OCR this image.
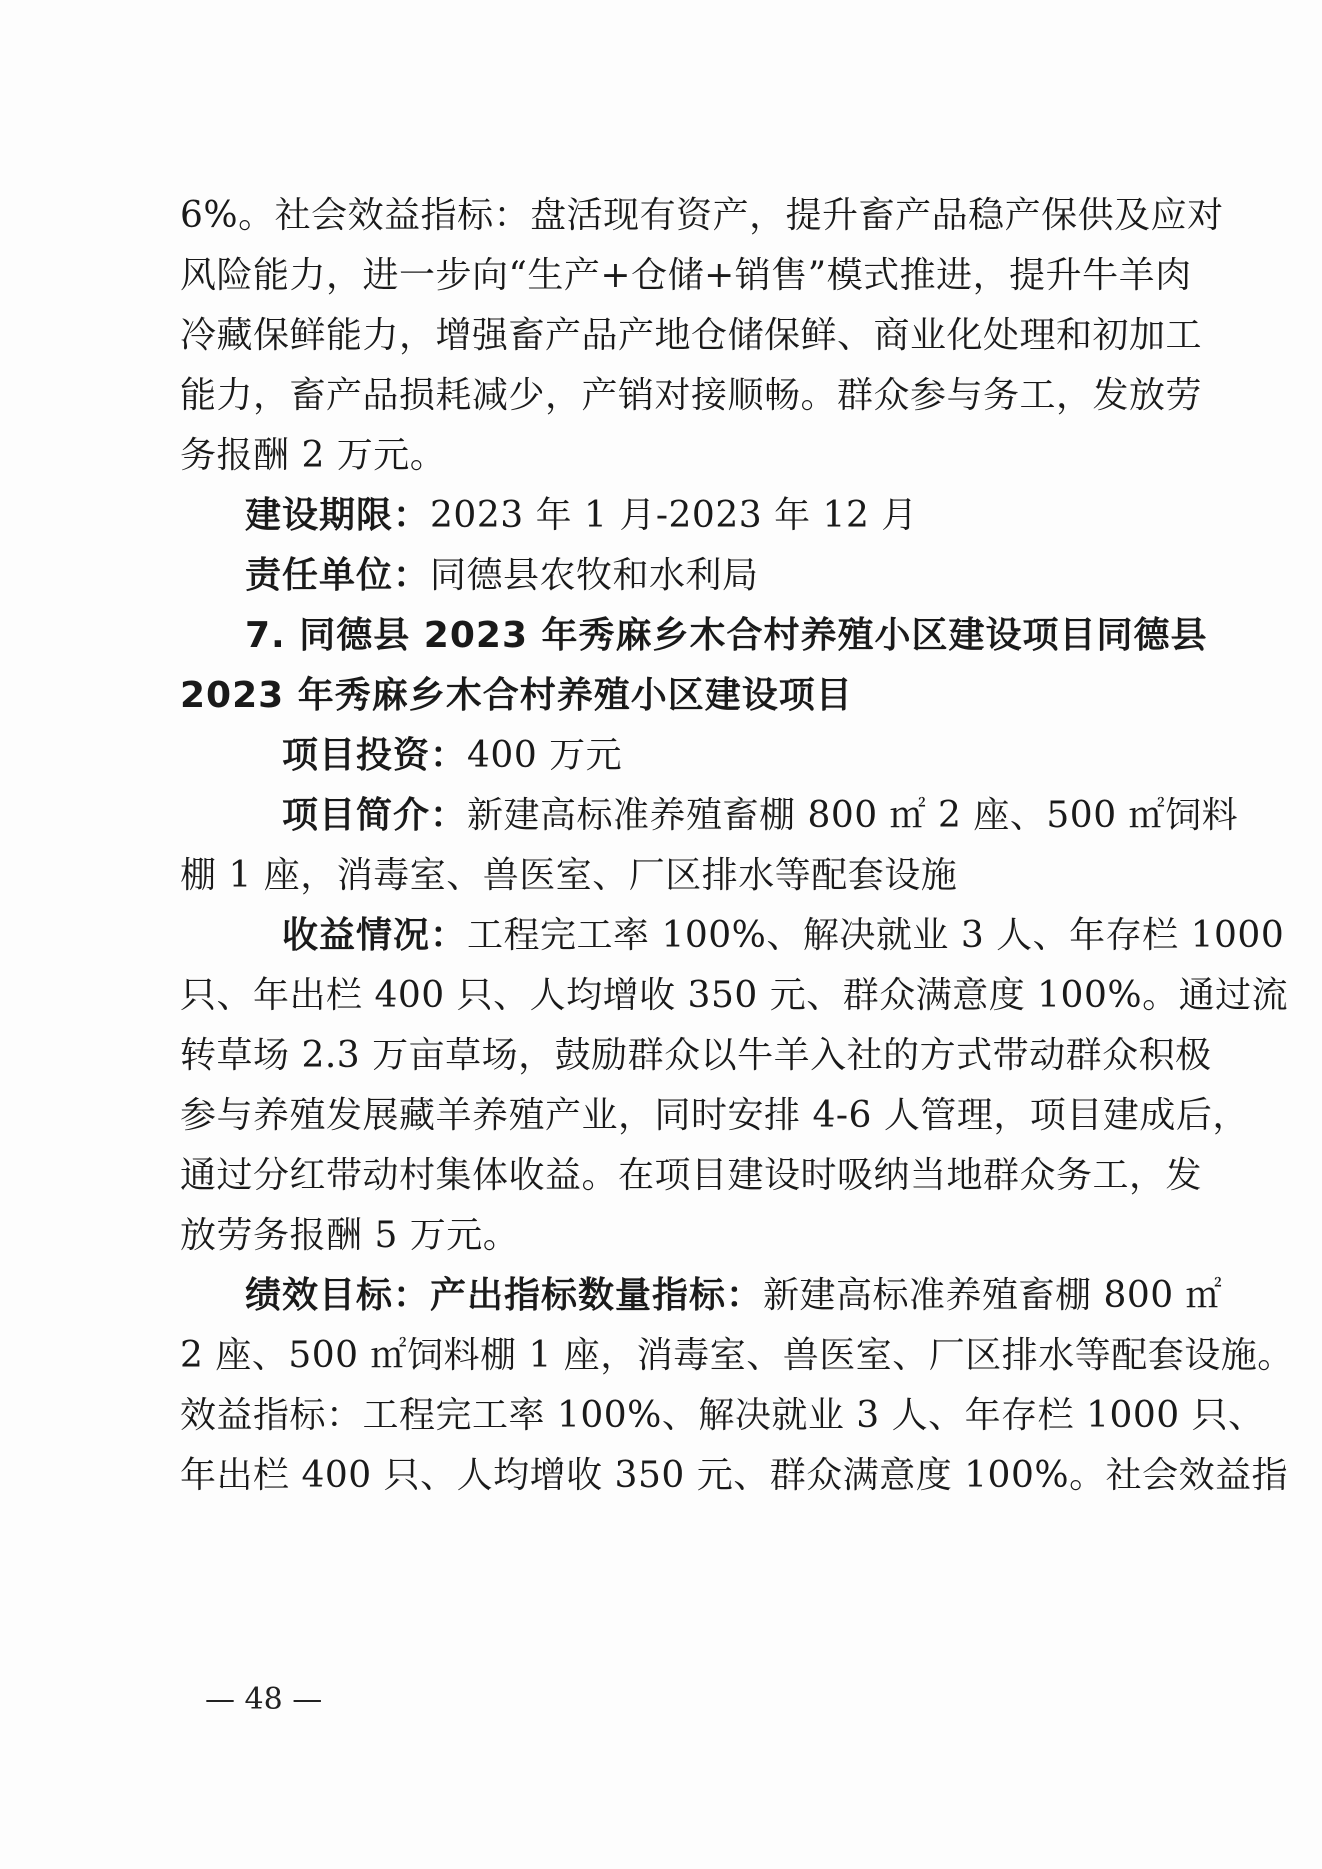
6%。社会效益指标：盘活现有资产，提升畜产品稳产保供及应对
风险能力，进一步向“生产+仓储+销售”模式推进，提升牛羊肉
冷藏保鲜能力，增强畜产品产地仓储保鲜、商业化处理和初加工
能力，畜产品损耗减少，产销对接顺畅。群众参与务工，发放劳
务报酬 2 万元。
建设期限：2023 年 1 月-2023 年 12 月
责任单位：同德县农牧和水利局
7. 同德县 2023 年秀麻乡木合村养殖小区建设项目同德县
2023 年秀麻乡木合村养殖小区建设项目
项目投资：400 万元
项目简介：新建高标准养殖畜棚 800 ㎡ 2 座、500 ㎡饲料
棚 1 座，消毒室、兽医室、厂区排水等配套设施
收益情况：工程完工率 100%、解决就业 3 人、年存栏 1000
只、年出栏 400 只、人均增收 350 元、群众满意度 100%。通过流
转草场 2.3 万亩草场，鼓励群众以牛羊入社的方式带动群众积极
参与养殖发展藏羊养殖产业，同时安排 4-6 人管理，项目建成后，
通过分红带动村集体收益。在项目建设时吸纳当地群众务工，发
放劳务报酬 5 万元。
绩效目标：产出指标数量指标：新建高标准养殖畜棚 800 ㎡
2 座、500 ㎡饲料棚 1 座，消毒室、兽医室、厂区排水等配套设施。
效益指标：工程完工率 100%、解决就业 3 人、年存栏 1000 只、
年出栏 400 只、人均增收 350 元、群众满意度 100%。社会效益指
— 48 —
